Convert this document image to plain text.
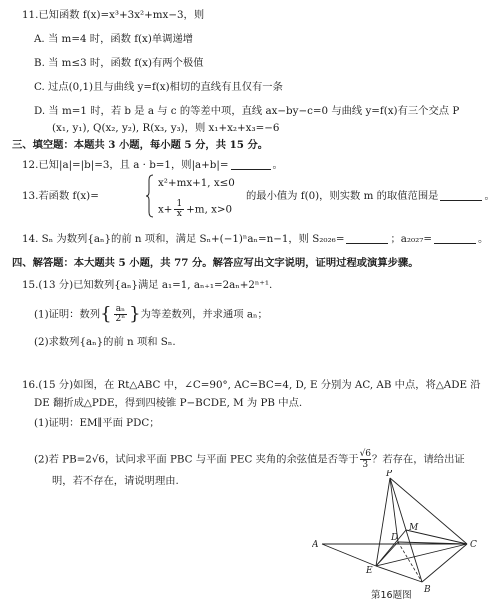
11.已知函数 f(x)=x³+3x²+mx−3，则
A. 当 m=4 时，函数 f(x)单调递增
B. 当 m≤3 时，函数 f(x)有两个极值
C. 过点(0,1)且与曲线 y=f(x)相切的直线有且仅有一条
D. 当 m=1 时，若 b 是 a 与 c 的等差中项，直线 ax−by−c=0 与曲线 y=f(x)有三个交点 P
(x₁, y₁), Q(x₂, y₂), R(x₃, y₃)，则 x₁+x₂+x₃=−6
三、填空题：本题共 3 小题，每小题 5 分，共 15 分。
12.已知|a|=|b|=3，且 a · b=1，则|a+b|=	。
13.若函数 f(x)=
x²+mx+1, x≤0
$x+ \frac{1}{x} +m$, x>0
的最小值为 f(0)，则实数 m 的取值范围是	。
14. Sₙ 为数列{aₙ}的前 n 项和，满足 Sₙ+(−1)ⁿaₙ=n−1，则 S₂₀₂₆=	；a₂₀₂₇=	。
四、解答题：本大题共 5 小题，共 77 分。解答应写出文字说明，证明过程或演算步骤。
15.(13 分)已知数列{aₙ}满足 a₁=1, aₙ₊₁=2aₙ+2ⁿ⁺¹.
(1)证明：数列{ $\frac{\text{aₙ}}{\text{2ⁿ}}$ }为等差数列，并求通项 aₙ；
(2)求数列{aₙ}的前 n 项和 Sₙ.
16.(15 分)如图，在 Rt△ABC 中，∠C=90°, AC=BC=4, D, E 分别为 AC, AB 中点，将△ADE 沿
DE 翻折成△PDE，得到四棱锥 P−BCDE, M 为 PB 中点.
(1)证明：EM∥平面 PDC；
(2)若 PB=2√6，试问求平面 PBC 与平面 PEC 夹角的余弦值是否等于 $\frac{√6}{3}$ ？若存在，请给出证
明，若不存在，请说明理由.
P
A	C
D
M
E
B
第16题图
